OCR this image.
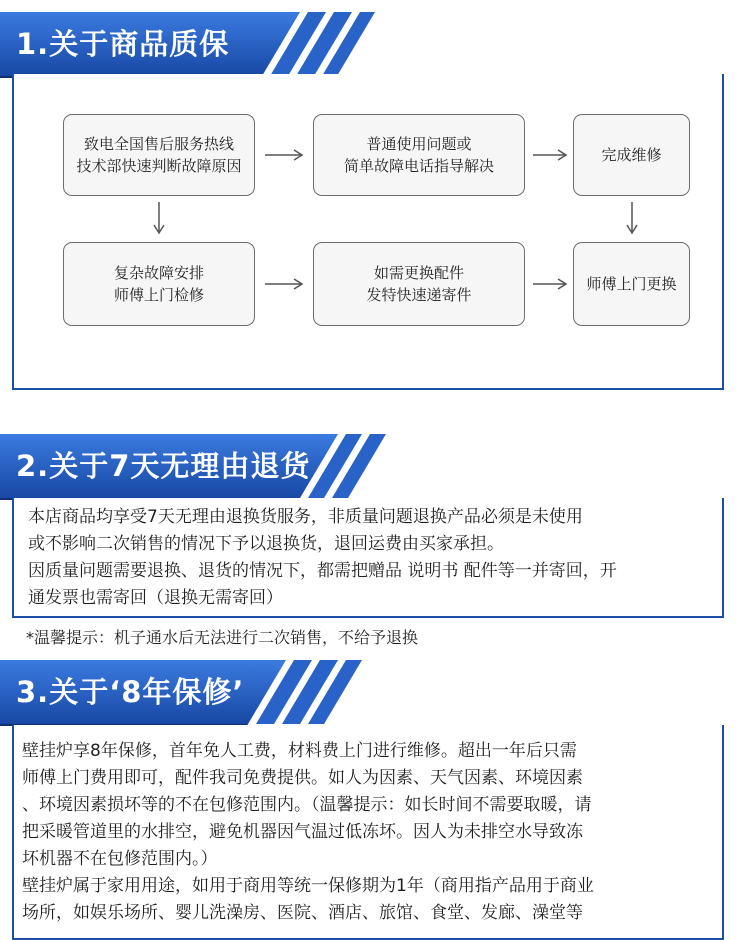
1.关于商品质保
致电全国售后服务热线
技术部快速判断故障原因
普通使用问题或
简单故障电话指导解决
完成维修
复杂故障安排
师傅上门检修
如需更换配件
发特快速递寄件
师傅上门更换
2.关于7天无理由退货
本店商品均享受7天无理由退换货服务，非质量问题退换产品必须是未使用
或不影响二次销售的情况下予以退换货，退回运费由买家承担。
因质量问题需要退换、退货的情况下，都需把赠品 说明书 配件等一并寄回，开
通发票也需寄回（退换无需寄回）
*温馨提示：机子通水后无法进行二次销售，不给予退换
3.关于‘8年保修’
壁挂炉享8年保修，首年免人工费，材料费上门进行维修。超出一年后只需
师傅上门费用即可，配件我司免费提供。如人为因素、天气因素、环境因素
、环境因素损坏等的不在包修范围内。（温馨提示：如长时间不需要取暖，请
把采暖管道里的水排空，避免机器因气温过低冻坏。因人为未排空水导致冻
坏机器不在包修范围内。）
壁挂炉属于家用用途，如用于商用等统一保修期为1年（商用指产品用于商业
场所，如娱乐场所、婴儿洗澡房、医院、酒店、旅馆、食堂、发廊、澡堂等
